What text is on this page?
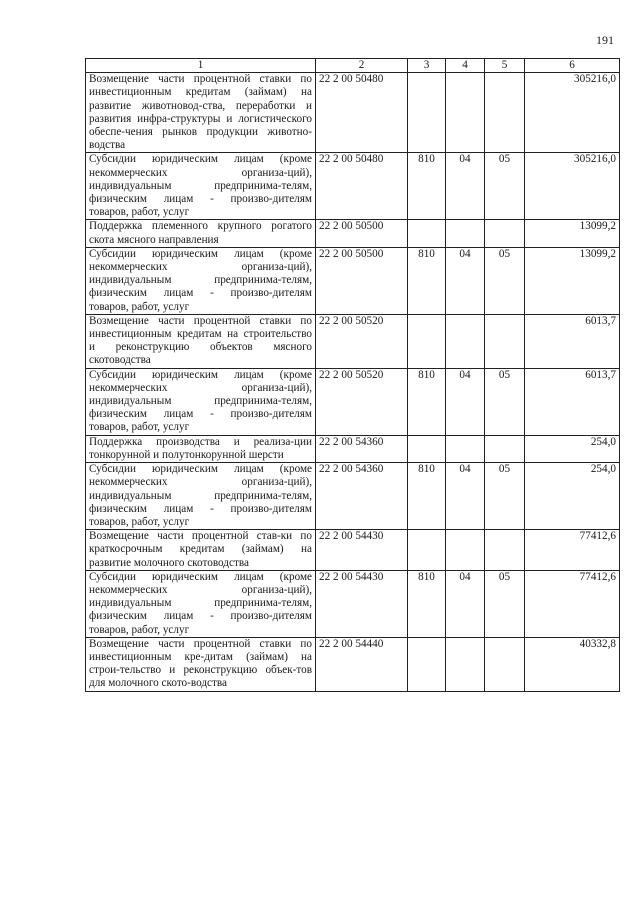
191
1	2	3	4	5	6
Возмещение части процентной ставки по инвестиционным кредитам (займам) на развитие животновод-ства, переработки и развития инфра-структуры и логистического обеспе-чения рынков продукции животно-водства	22 2 00 50480				305216,0
Субсидии юридическим лицам (кроме некоммерческих организа-ций), индивидуальным предпринима-телям, физическим лицам - произво-дителям товаров, работ, услуг	22 2 00 50480	810	04	05	305216,0
Поддержка племенного крупного рогатого скота мясного направления	22 2 00 50500				13099,2
Субсидии юридическим лицам (кроме некоммерческих организа-ций), индивидуальным предпринима-телям, физическим лицам - произво-дителям товаров, работ, услуг	22 2 00 50500	810	04	05	13099,2
Возмещение части процентной ставки по инвестиционным кредитам на строительство и реконструкцию объектов мясного скотоводства	22 2 00 50520				6013,7
Субсидии юридическим лицам (кроме некоммерческих организа-ций), индивидуальным предпринима-телям, физическим лицам - произво-дителям товаров, работ, услуг	22 2 00 50520	810	04	05	6013,7
Поддержка производства и реализа-ции тонкорунной и полутонкорунной шерсти	22 2 00 54360				254,0
Субсидии юридическим лицам (кроме некоммерческих организа-ций), индивидуальным предпринима-телям, физическим лицам - произво-дителям товаров, работ, услуг	22 2 00 54360	810	04	05	254,0
Возмещение части процентной став-ки по краткосрочным кредитам (займам) на развитие молочного скотоводства	22 2 00 54430				77412,6
Субсидии юридическим лицам (кроме некоммерческих организа-ций), индивидуальным предпринима-телям, физическим лицам - произво-дителям товаров, работ, услуг	22 2 00 54430	810	04	05	77412,6
Возмещение части процентной ставки по инвестиционным кре-дитам (займам) на строи-тельство и реконструкцию объек-тов для молочного ското-водства	22 2 00 54440				40332,8
